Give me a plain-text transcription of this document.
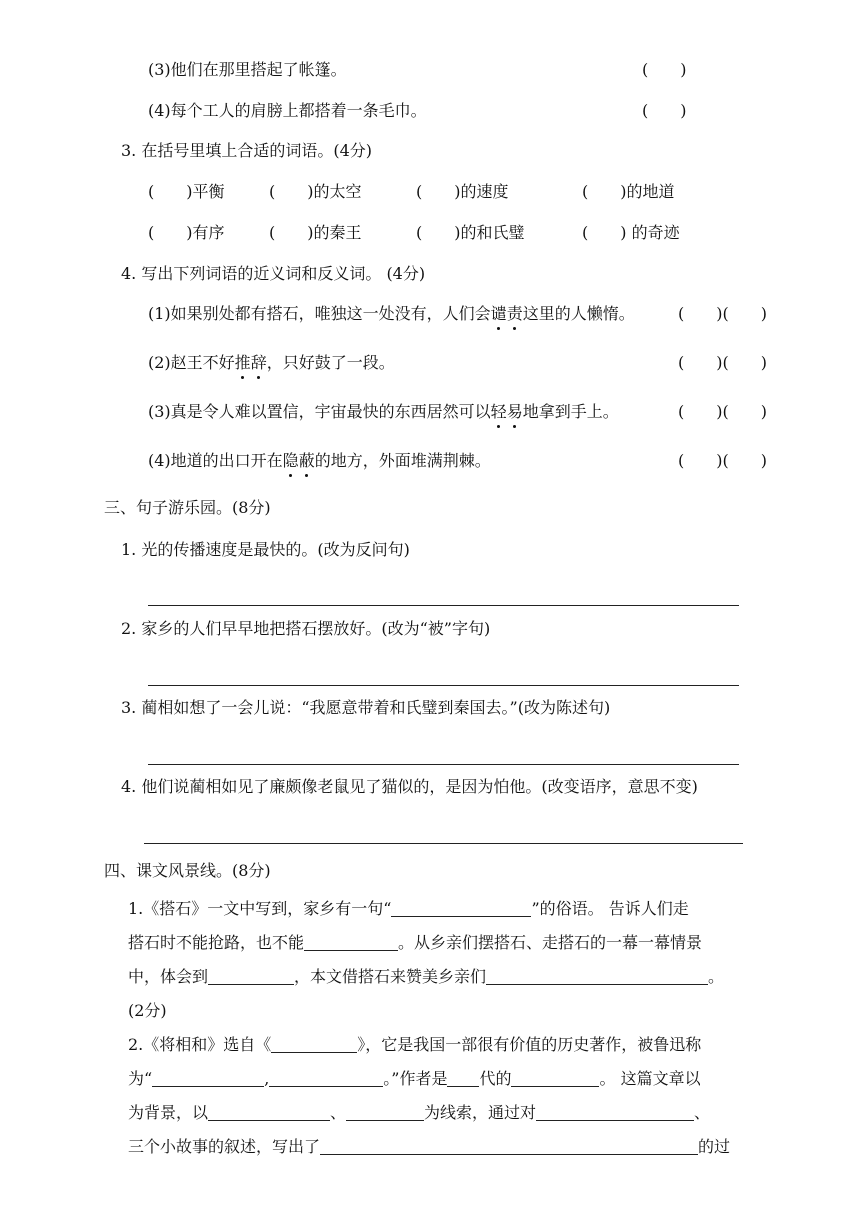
(3)他们在那里搭起了帐篷。	(　　)
(4)每个工人的肩膀上都搭着一条毛巾。	(　　)
3. 在括号里填上合适的词语。(4分)
(　　 )平衡	(　　 )的太空	(　　 )的速度	(　　 )的地道
(　　 )有序	(　　 )的秦王	(　　 )的和氏璧	(　　 ) 的奇迹
4. 写出下列词语的近义词和反义词。 (4分)
(1)如果别处都有搭石，唯独这一处没有，人们会谴责这里的人懒惰。	(　　)(　　)
(2)赵王不好推辞，只好鼓了一段。	(　　)(　　)
(3)真是令人难以置信，宇宙最快的东西居然可以轻易地拿到手上。	(　　)(　　)
(4)地道的出口开在隐蔽的地方，外面堆满荆棘。	(　　)(　　)
三、句子游乐园。(8分)
1. 光的传播速度是最快的。(改为反问句)
2. 家乡的人们早早地把搭石摆放好。(改为“被”字句)
3. 蔺相如想了一会儿说：“我愿意带着和氏璧到秦国去。”(改为陈述句)
4. 他们说蔺相如见了廉颇像老鼠见了猫似的，是因为怕他。(改变语序，意思不变)
四、课文风景线。(8分)
1.《搭石》一文中写到，家乡有一句“	”的俗语。 告诉人们走
搭石时不能抢路，也不能	。从乡亲们摆搭石、走搭石的一幕一幕情景
中，体会到	，本文借搭石来赞美乡亲们	。
(2分)
2.《将相和》选自《	》，它是我国一部很有价值的历史著作，被鲁迅称
为“	,	。”作者是 代的	。 这篇文章以
为背景，以	、	为线索，通过对	、
三个小故事的叙述，写出了	的过
